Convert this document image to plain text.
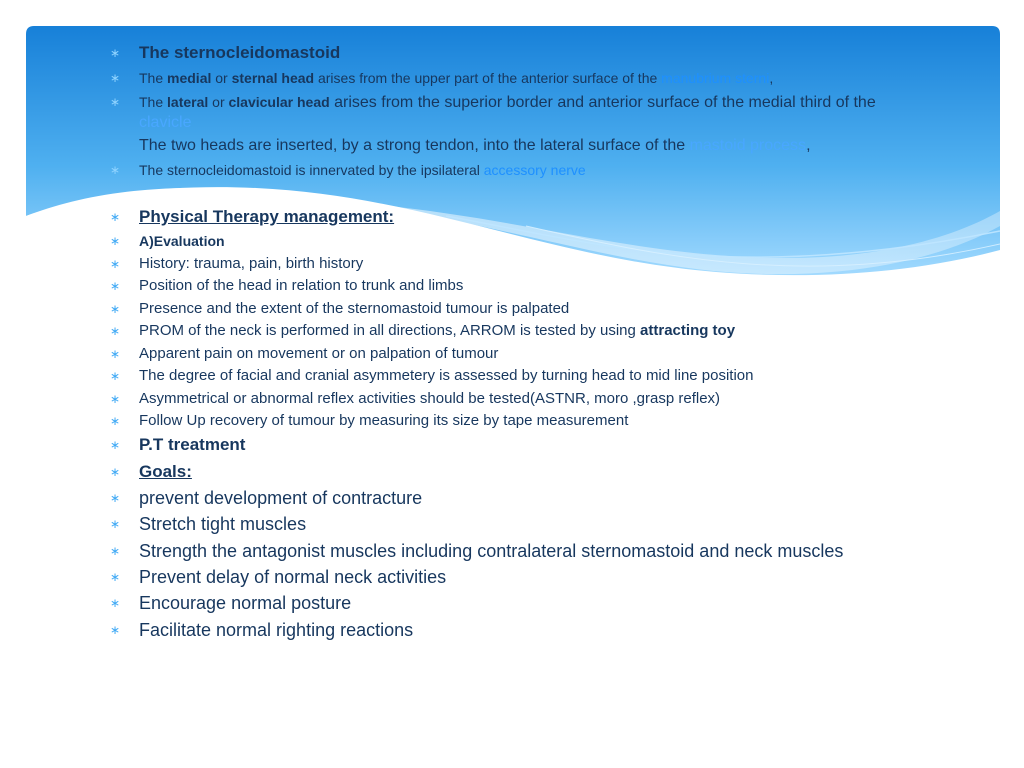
∗ The sternocleidomastoid
∗ The medial or sternal head arises from the upper part of the anterior surface of the manubrium sterni,
∗ The lateral or clavicular head arises from the superior border and anterior surface of the medial third of the clavicle
The two heads are inserted, by a strong tendon, into the lateral surface of the mastoid process,
∗ The sternocleidomastoid is innervated by the ipsilateral accessory nerve
∗ Physical Therapy management:
∗ A)Evaluation
∗ History: trauma, pain, birth history
∗ Position of the head in relation to trunk and limbs
∗ Presence and the extent of the sternomastoid tumour is palpated
∗ PROM of the neck is performed in all directions, ARROM is tested by using attracting toy
∗ Apparent pain on movement or on palpation of tumour
∗ The degree of facial and cranial asymmetery is assessed by turning head to mid line position
∗ Asymmetrical or abnormal reflex activities should be tested(ASTNR, moro ,grasp reflex)
∗ Follow Up recovery of tumour by measuring its size by tape measurement
∗ P.T treatment
∗ Goals:
∗ prevent development of contracture
∗ Stretch tight muscles
∗ Strength the antagonist muscles including contralateral sternomastoid and neck muscles
∗ Prevent delay of normal neck activities
∗ Encourage normal posture
∗ Facilitate normal righting reactions
